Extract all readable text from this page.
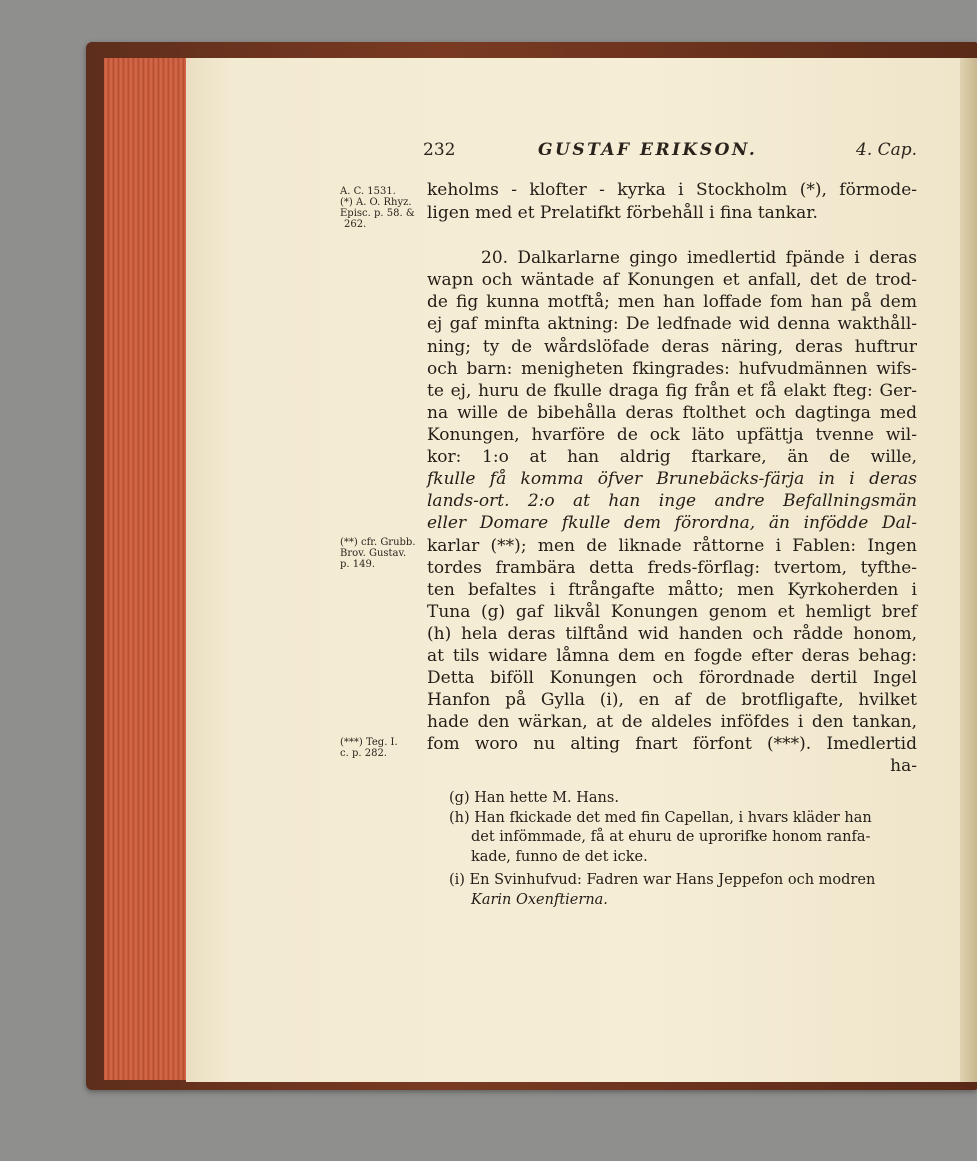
232	GUSTAF ERIKSON.	4. Cap.
A. C. 1531.
(*) A. O. Rhyz.
Episc. p. 58. &
262.
(**) cfr. Grubb.
Brov. Gustav.
p. 149.
(***) Teg. I.
c. p. 282.
keholms - klofter - kyrka i Stockholm (*), förmode-
ligen med et Prelatifkt förbehåll i fina tankar.
20. Dalkarlarne gingo imedlertid fpände i deras
wapn och wäntade af Konungen et anfall, det de trod-
de fig kunna motftå; men han loffade fom han på dem
ej gaf minfta aktning: De ledfnade wid denna wakthåll-
ning; ty de wårdslöfade deras näring, deras huftrur
och barn: menigheten fkingrades: hufvudmännen wifs-
te ej, huru de fkulle draga fig från et få elakt fteg: Ger-
na wille de bibehålla deras ftolthet och dagtinga med
Konungen, hvarföre de ock läto upfättja tvenne wil-
kor: 1:o at han aldrig ftarkare, än de wille,
fkulle få komma öfver Brunebäcks-färja in i deras
lands-ort. 2:o at han inge andre Befallningsmän
eller Domare fkulle dem förordna, än infödde Dal-
karlar (**); men de liknade råttorne i Fablen: Ingen
tordes frambära detta freds-förflag: tvertom, tyfthe-
ten befaltes i ftrångafte måtto; men Kyrkoherden i
Tuna (g) gaf likvål Konungen genom et hemligt bref
(h) hela deras tilftånd wid handen och rådde honom,
at tils widare låmna dem en fogde efter deras behag:
Detta biföll Konungen och förordnade dertil Ingel
Hanfon på Gylla (i), en af de brotfligafte, hvilket
hade den wärkan, at de aldeles inföfdes i den tankan,
fom woro nu alting fnart förfont (***). Imedlertid
ha-
(g) Han hette M. Hans.
(h) Han fkickade det med fin Capellan, i hvars kläder han
det infömmade, få at ehuru de uprorifke honom ranfa-
kade, funno de det icke.
(i) En Svinhufvud: Fadren war Hans Jeppefon och modren
Karin Oxenftierna.
